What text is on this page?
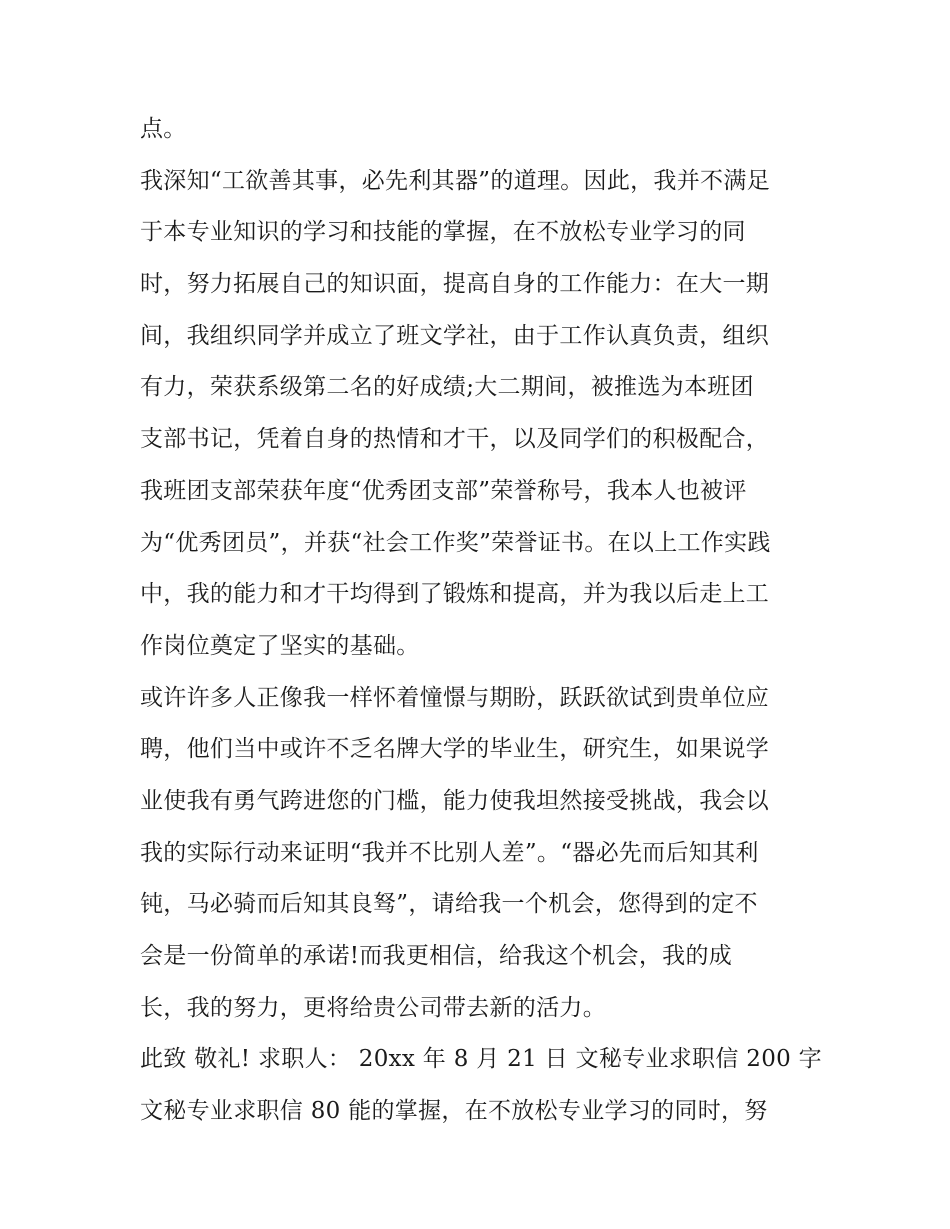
点。
我深知“工欲善其事，必先利其器”的道理。因此，我并不满足
于本专业知识的学习和技能的掌握，在不放松专业学习的同
时，努力拓展自己的知识面，提高自身的工作能力：在大一期
间，我组织同学并成立了班文学社，由于工作认真负责，组织
有力，荣获系级第二名的好成绩;大二期间，被推选为本班团
支部书记，凭着自身的热情和才干，以及同学们的积极配合，
我班团支部荣获年度“优秀团支部”荣誉称号，我本人也被评
为“优秀团员”，并获“社会工作奖”荣誉证书。在以上工作实践
中，我的能力和才干均得到了锻炼和提高，并为我以后走上工
作岗位奠定了坚实的基础。
或许许多人正像我一样怀着憧憬与期盼，跃跃欲试到贵单位应
聘，他们当中或许不乏名牌大学的毕业生，研究生，如果说学
业使我有勇气跨进您的门槛，能力使我坦然接受挑战，我会以
我的实际行动来证明“我并不比别人差”。“器必先而后知其利
钝，马必骑而后知其良驽”，请给我一个机会，您得到的定不
会是一份简单的承诺!而我更相信，给我这个机会，我的成
长，我的努力，更将给贵公司带去新的活力。
此致 敬礼! 求职人： 20xx 年 8 月 21 日 文秘专业求职信 200 字
文秘专业求职信 80 能的掌握，在不放松专业学习的同时，努
